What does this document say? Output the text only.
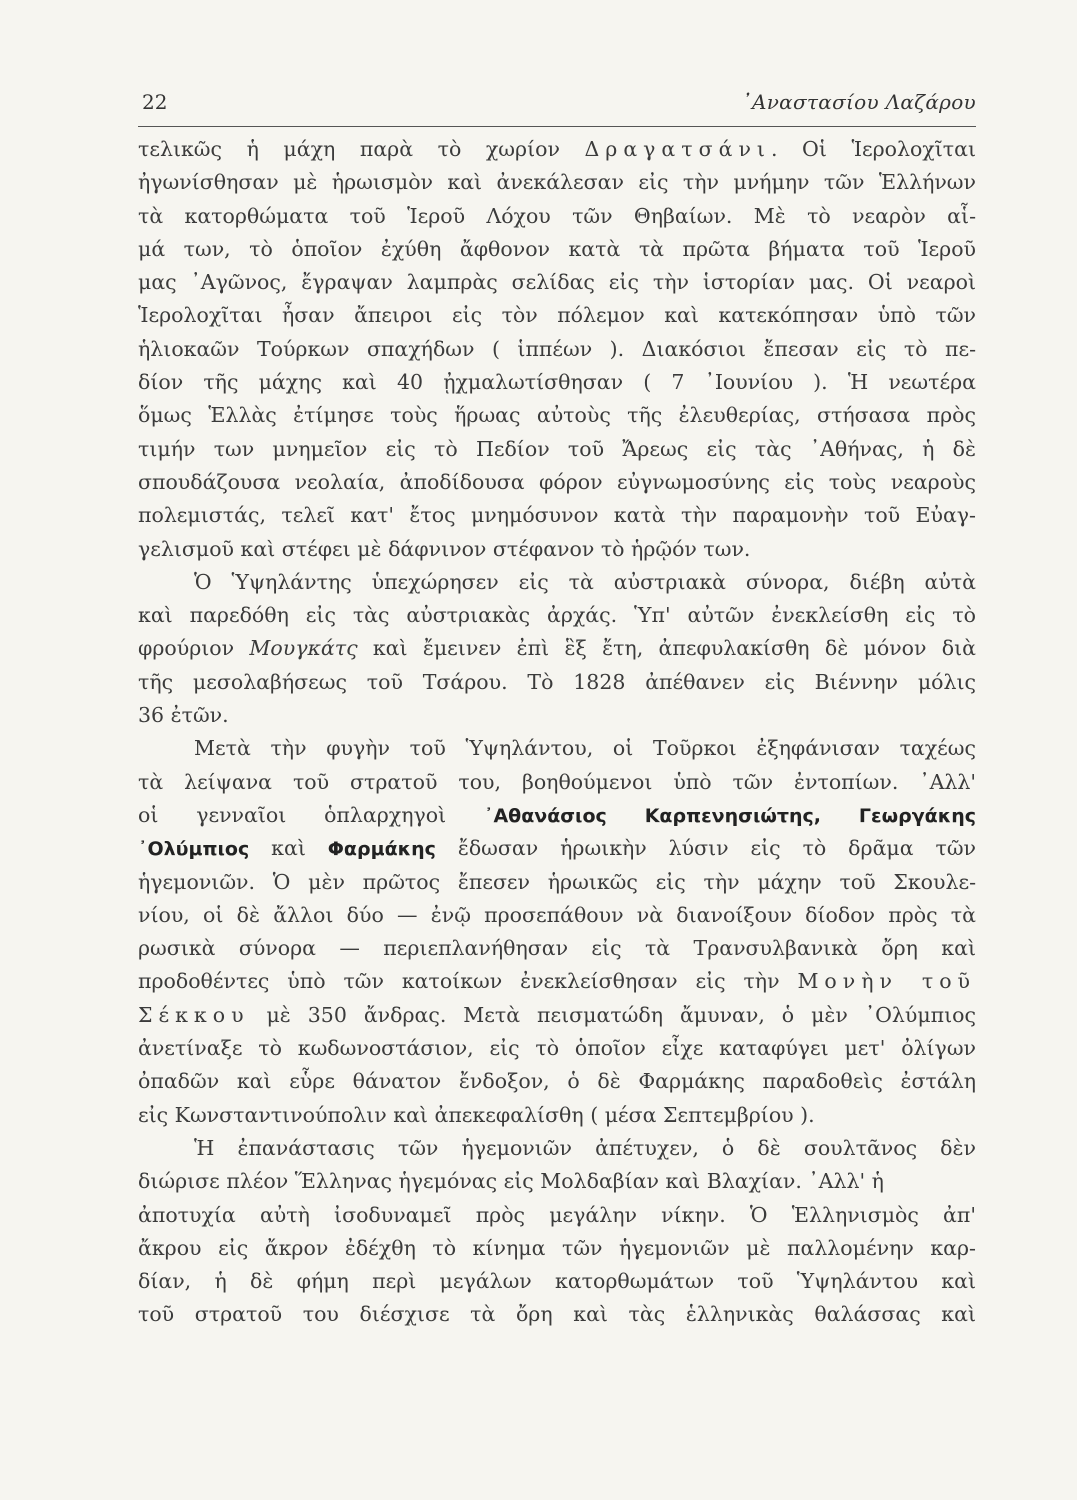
22	᾿Αναστασίου Λαζάρου
τελικῶς ἡ μάχη παρὰ τὸ χωρίον Δραγατσάνι. Οἱ Ἱερολοχῖται
ἠγωνίσθησαν μὲ ἡρωισμὸν καὶ ἀνεκάλεσαν εἰς τὴν μνήμην τῶν Ἑλλήνων
τὰ κατορθώματα τοῦ Ἱεροῦ Λόχου τῶν Θηβαίων. Μὲ τὸ νεαρὸν αἷ-
μά των, τὸ ὁποῖον ἐχύθη ἄφθονον κατὰ τὰ πρῶτα βήματα τοῦ Ἱεροῦ
μας ᾿Αγῶνος, ἔγραψαν λαμπρὰς σελίδας εἰς τὴν ἱστορίαν μας. Οἱ νεαροὶ
Ἱερολοχῖται ἦσαν ἄπειροι εἰς τὸν πόλεμον καὶ κατεκόπησαν ὑπὸ τῶν
ἡλιοκαῶν Τούρκων σπαχήδων ( ἱππέων ). Διακόσιοι ἔπεσαν εἰς τὸ πε-
δίον τῆς μάχης καὶ 40 ᾐχμαλωτίσθησαν ( 7 ᾿Ιουνίου ). Ἡ νεωτέρα
ὅμως Ἑλλὰς ἐτίμησε τοὺς ἥρωας αὐτοὺς τῆς ἐλευθερίας, στήσασα πρὸς
τιμήν των μνημεῖον εἰς τὸ Πεδίον τοῦ Ἄρεως εἰς τὰς ᾿Αθήνας, ἡ δὲ
σπουδάζουσα νεολαία, ἀποδίδουσα φόρον εὐγνωμοσύνης εἰς τοὺς νεαροὺς
πολεμιστάς, τελεῖ κατ' ἔτος μνημόσυνον κατὰ τὴν παραμονὴν τοῦ Εὐαγ-
γελισμοῦ καὶ στέφει μὲ δάφνινον στέφανον τὸ ἡρῷόν των.
Ὁ Ὑψηλάντης ὑπεχώρησεν εἰς τὰ αὐστριακὰ σύνορα, διέβη αὐτὰ
καὶ παρεδόθη εἰς τὰς αὐστριακὰς ἀρχάς. Ὑπ' αὐτῶν ἐνεκλείσθη εἰς τὸ
φρούριον Μουγκάτς καὶ ἔμεινεν ἐπὶ ἓξ ἔτη, ἀπεφυλακίσθη δὲ μόνον διὰ
τῆς μεσολαβήσεως τοῦ Τσάρου. Τὸ 1828 ἀπέθανεν εἰς Βιέννην μόλις
36 ἐτῶν.
Μετὰ τὴν φυγὴν τοῦ Ὑψηλάντου, οἱ Τοῦρκοι ἐξηφάνισαν ταχέως
τὰ λείψανα τοῦ στρατοῦ του, βοηθούμενοι ὑπὸ τῶν ἐντοπίων. ᾿Αλλ'
οἱ γενναῖοι ὁπλαρχηγοὶ ᾿Αθανάσιος Καρπενησιώτης, Γεωργάκης
᾿Ολύμπιος καὶ Φαρμάκης ἔδωσαν ἡρωικὴν λύσιν εἰς τὸ δρᾶμα τῶν
ἡγεμονιῶν. Ὁ μὲν πρῶτος ἔπεσεν ἡρωικῶς εἰς τὴν μάχην τοῦ Σκουλε-
νίου, οἱ δὲ ἄλλοι δύο — ἐνῷ προσεπάθουν νὰ διανοίξουν δίοδον πρὸς τὰ
ρωσικὰ σύνορα — περιεπλανήθησαν εἰς τὰ Τρανσυλβανικὰ ὄρη καὶ
προδοθέντες ὑπὸ τῶν κατοίκων ἐνεκλείσθησαν εἰς τὴν Μονὴν τοῦ
Σέκκου μὲ 350 ἄνδρας. Μετὰ πεισματώδη ἄμυναν, ὁ μὲν ᾿Ολύμπιος
ἀνετίναξε τὸ κωδωνοστάσιον, εἰς τὸ ὁποῖον εἶχε καταφύγει μετ' ὀλίγων
ὀπαδῶν καὶ εὗρε θάνατον ἔνδοξον, ὁ δὲ Φαρμάκης παραδοθεὶς ἐστάλη
εἰς Κωνσταντινούπολιν καὶ ἀπεκεφαλίσθη ( μέσα Σεπτεμβρίου ).
Ἡ ἐπανάστασις τῶν ἡγεμονιῶν ἀπέτυχεν, ὁ δὲ σουλτᾶνος δὲν
διώρισε πλέον Ἕλληνας ἡγεμόνας εἰς Μολδαβίαν καὶ Βλαχίαν. ᾿Αλλ' ἡ
ἀποτυχία αὐτὴ ἰσοδυναμεῖ πρὸς μεγάλην νίκην. Ὁ Ἑλληνισμὸς ἀπ'
ἄκρου εἰς ἄκρον ἐδέχθη τὸ κίνημα τῶν ἡγεμονιῶν μὲ παλλομένην καρ-
δίαν, ἡ δὲ φήμη περὶ μεγάλων κατορθωμάτων τοῦ Ὑψηλάντου καὶ
τοῦ στρατοῦ του διέσχισε τὰ ὄρη καὶ τὰς ἑλληνικὰς θαλάσσας καὶ
